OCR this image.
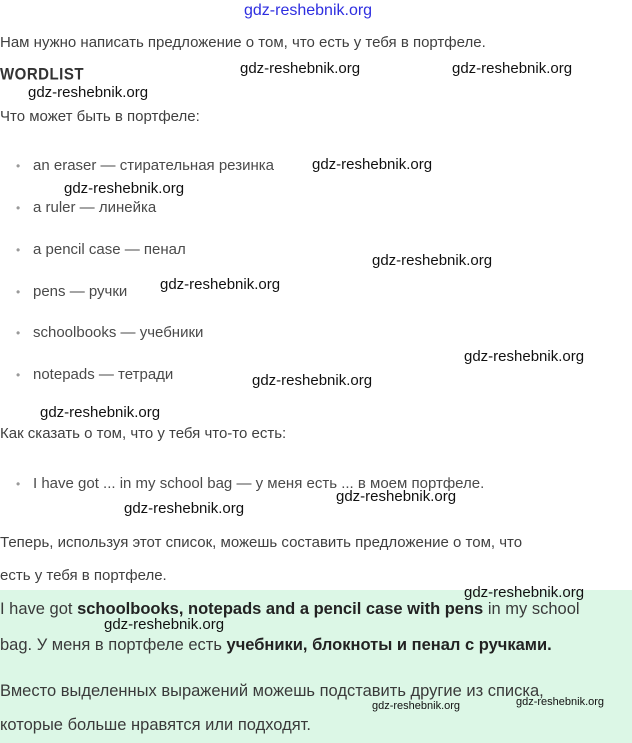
gdz-reshebnik.org
Нам нужно написать предложение о том, что есть у тебя в портфеле.
WORDLIST	gdz-reshebnik.org	gdz-reshebnik.org
gdz-reshebnik.org
Что может быть в портфеле:
• an eraser — стирательная резинка	gdz-reshebnik.org
gdz-reshebnik.org
• a ruler — линейка
• a pencil case — пенал
gdz-reshebnik.org
• pens — ручки gdz-reshebnik.org
• schoolbooks — учебники
gdz-reshebnik.org
• notepads — тетради	gdz-reshebnik.org
gdz-reshebnik.org
Как сказать о том, что у тебя что-то есть:
• I have got ... in my school bag — у меня есть ... в моем портфеле.
gdz-reshebnik.org
gdz-reshebnik.org
Теперь, используя этот список, можешь составить предложение о том, что
есть у тебя в портфеле.
gdz-reshebnik.org
I have got schoolbooks, notepads and a pencil case with pens in my school
gdz-reshebnik.org
bag. У меня в портфеле есть учебники, блокноты и пенал с ручками.
Вместо выделенных выражений можешь подставить другие из списка,
gdz-reshebnik.org	gdz-reshebnik.org
которые больше нравятся или подходят.
